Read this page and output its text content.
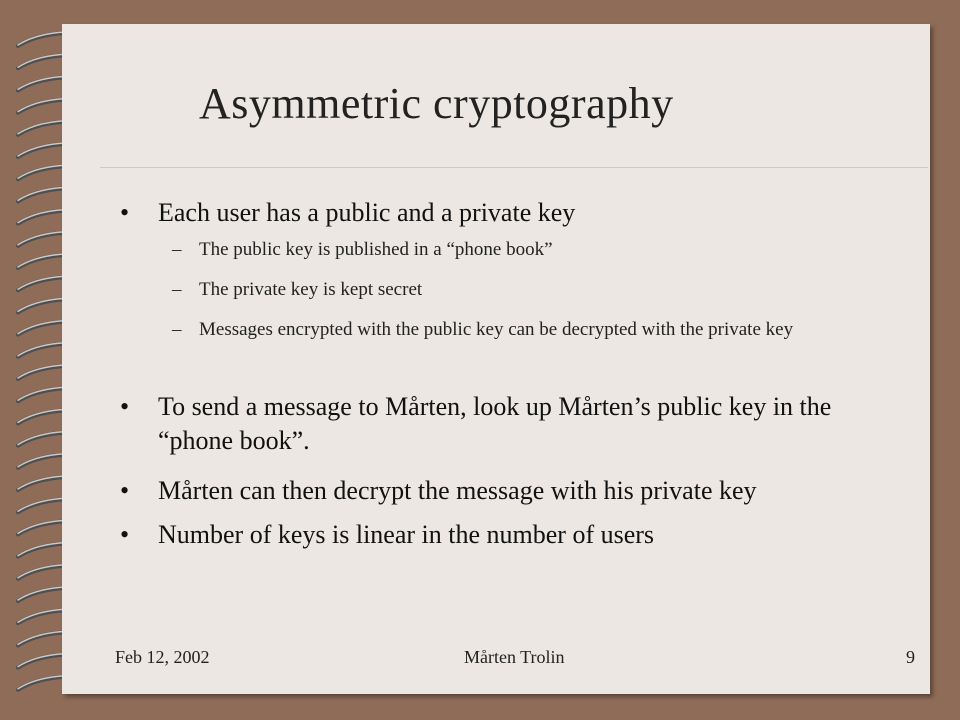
Asymmetric cryptography
• Each user has a public and a private key
– The public key is published in a “phone book”
– The private key is kept secret
– Messages encrypted with the public key can be decrypted with the private key
• To send a message to Mårten, look up Mårten’s public key in the “phone book”.
• Mårten can then decrypt the message with his private key
• Number of keys is linear in the number of users
Feb 12, 2002	Mårten Trolin	9
